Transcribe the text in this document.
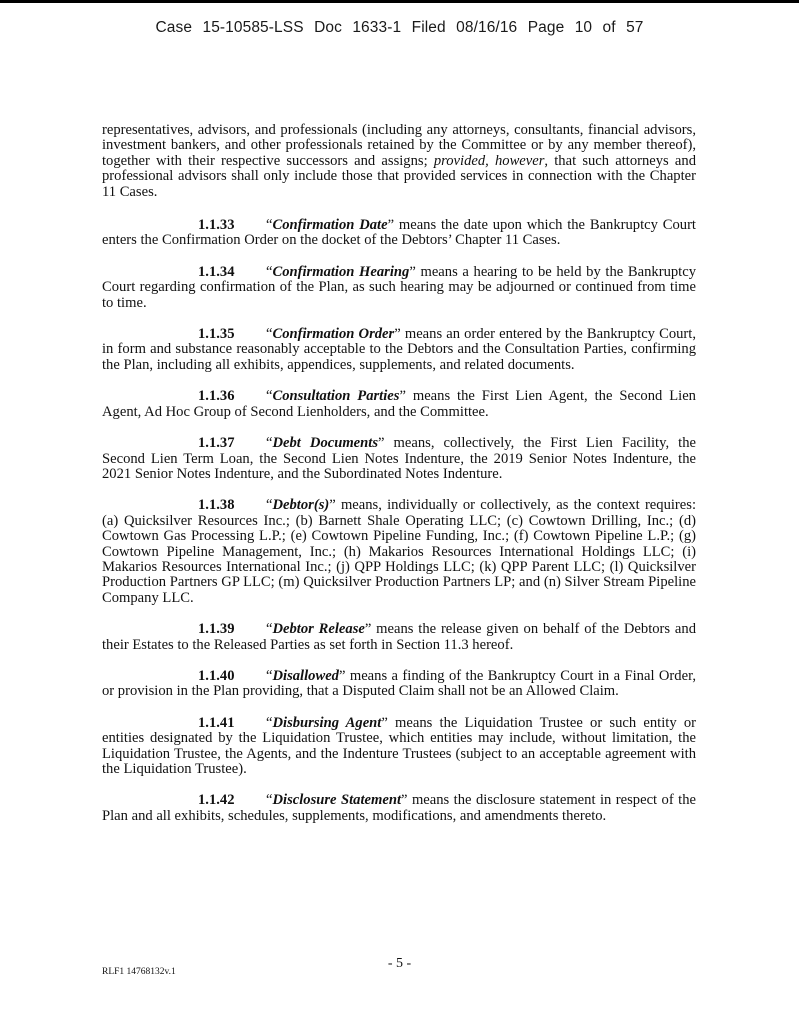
Case 15-10585-LSS Doc 1633-1 Filed 08/16/16 Page 10 of 57

representatives, advisors, and professionals (including any attorneys, consultants, financial advisors, investment bankers, and other professionals retained by the Committee or by any member thereof), together with their respective successors and assigns; provided, however, that such attorneys and professional advisors shall only include those that provided services in connection with the Chapter 11 Cases.

1.1.33 “Confirmation Date” means the date upon which the Bankruptcy Court enters the Confirmation Order on the docket of the Debtors’ Chapter 11 Cases.

1.1.34 “Confirmation Hearing” means a hearing to be held by the Bankruptcy Court regarding confirmation of the Plan, as such hearing may be adjourned or continued from time to time.

1.1.35 “Confirmation Order” means an order entered by the Bankruptcy Court, in form and substance reasonably acceptable to the Debtors and the Consultation Parties, confirming the Plan, including all exhibits, appendices, supplements, and related documents.

1.1.36 “Consultation Parties” means the First Lien Agent, the Second Lien Agent, Ad Hoc Group of Second Lienholders, and the Committee.

1.1.37 “Debt Documents” means, collectively, the First Lien Facility, the Second Lien Term Loan, the Second Lien Notes Indenture, the 2019 Senior Notes Indenture, the 2021 Senior Notes Indenture, and the Subordinated Notes Indenture.

1.1.38 “Debtor(s)” means, individually or collectively, as the context requires: (a) Quicksilver Resources Inc.; (b) Barnett Shale Operating LLC; (c) Cowtown Drilling, Inc.; (d) Cowtown Gas Processing L.P.; (e) Cowtown Pipeline Funding, Inc.; (f) Cowtown Pipeline L.P.; (g) Cowtown Pipeline Management, Inc.; (h) Makarios Resources International Holdings LLC; (i) Makarios Resources International Inc.; (j) QPP Holdings LLC; (k) QPP Parent LLC; (l) Quicksilver Production Partners GP LLC; (m) Quicksilver Production Partners LP; and (n) Silver Stream Pipeline Company LLC.

1.1.39 “Debtor Release” means the release given on behalf of the Debtors and their Estates to the Released Parties as set forth in Section 11.3 hereof.

1.1.40 “Disallowed” means a finding of the Bankruptcy Court in a Final Order, or provision in the Plan providing, that a Disputed Claim shall not be an Allowed Claim.

1.1.41 “Disbursing Agent” means the Liquidation Trustee or such entity or entities designated by the Liquidation Trustee, which entities may include, without limitation, the Liquidation Trustee, the Agents, and the Indenture Trustees (subject to an acceptable agreement with the Liquidation Trustee).

1.1.42 “Disclosure Statement” means the disclosure statement in respect of the Plan and all exhibits, schedules, supplements, modifications, and amendments thereto.

- 5 -
RLF1 14768132v.1
